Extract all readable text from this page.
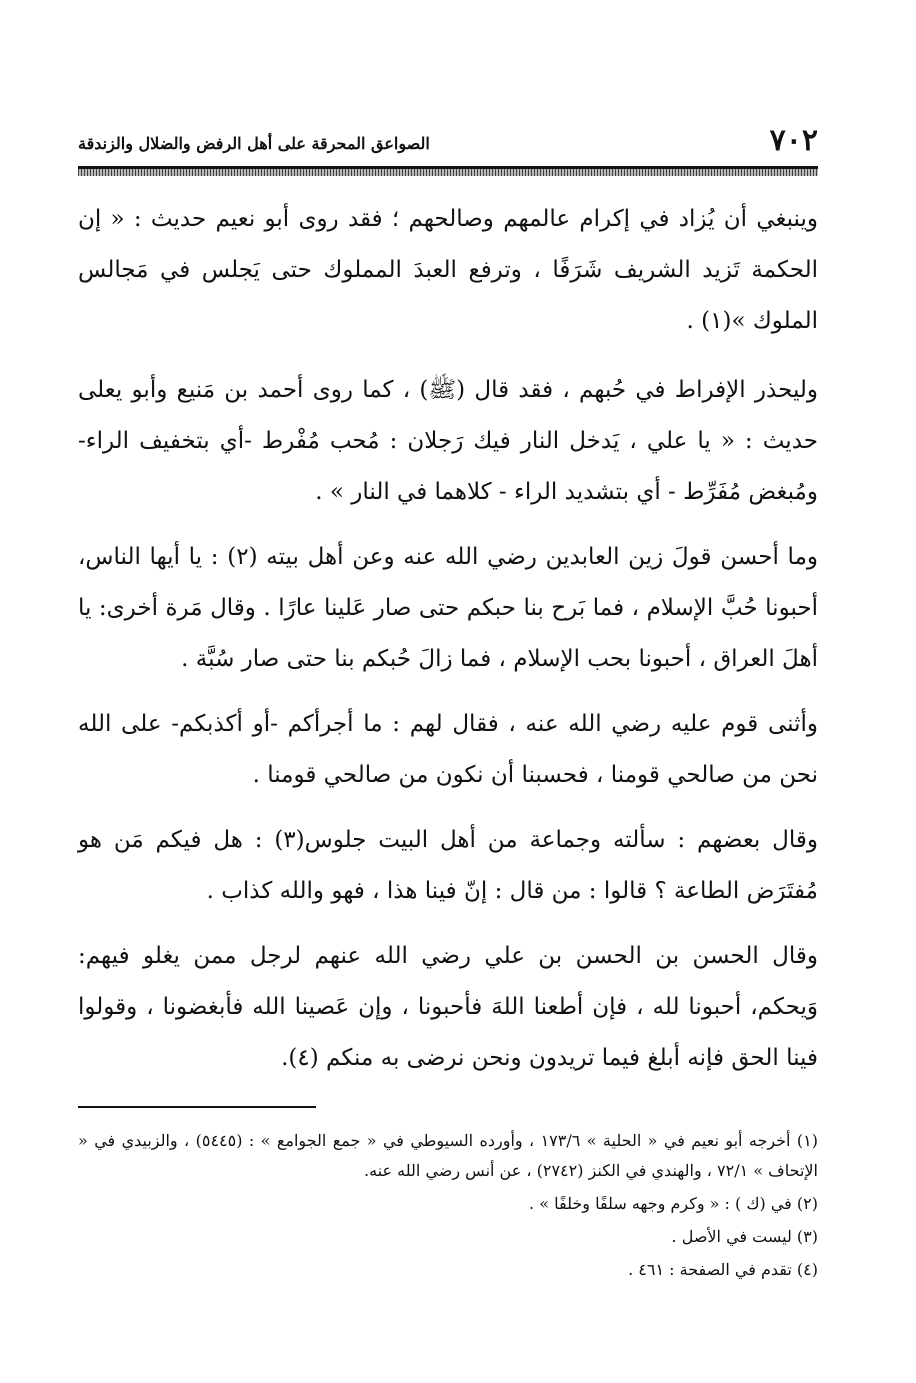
٧٠٢
الصواعق المحرقة على أهل الرفض والضلال والزندقة

وينبغي أن يُزاد في إكرام عالمهم وصالحهم ؛ فقد روى أبو نعيم حديث : « إن الحكمة تَزيد الشريف شَرَفًا ، وترفع العبدَ المملوك حتى يَجلس في مَجالس الملوك »(١) .

وليحذر الإفراط في حُبهم ، فقد قال (ﷺ) ، كما روى أحمد بن مَنيع وأبو يعلى حديث : « يا علي ، يَدخل النار فيك رَجلان : مُحب مُفْرط -أي بتخفيف الراء- ومُبغض مُفَرِّط - أي بتشديد الراء - كلاهما في النار » .

وما أحسن قولَ زين العابدين رضي الله عنه وعن أهل بيته (٢) : يا أيها الناس، أحبونا حُبَّ الإسلام ، فما بَرح بنا حبكم حتى صار عَلينا عارًا . وقال مَرة أخرى: يا أهلَ العراق ، أحبونا بحب الإسلام ، فما زالَ حُبكم بنا حتى صار سُبَّة .

وأثنى قوم عليه رضي الله عنه ، فقال لهم : ما أجرأكم -أو أكذبكم- على الله نحن من صالحي قومنا ، فحسبنا أن نكون من صالحي قومنا .

وقال بعضهم : سألته وجماعة من أهل البيت جلوس(٣) : هل فيكم مَن هو مُفتَرَض الطاعة ؟ قالوا : من قال : إنّ فينا هذا ، فهو والله كذاب .

وقال الحسن بن الحسن بن علي رضي الله عنهم لرجل ممن يغلو فيهم: وَيحكم، أحبونا لله ، فإن أطعنا اللهَ فأحبونا ، وإن عَصينا الله فأبغضونا ، وقولوا فينا الحق فإنه أبلغ فيما تريدون ونحن نرضى به منكم (٤).

(١) أخرجه أبو نعيم في « الحلية » ١٧٣/٦ ، وأورده السيوطي في « جمع الجوامع » : (٥٤٤٥) ، والزبيدي في « الإتحاف » ٧٢/١ ، والهندي في الكنز (٢٧٤٢) ، عن أنس رضي الله عنه.

(٢) في (ك ) : « وكرم وجهه سلفًا وخلفًا » .

(٣) ليست في الأصل .

(٤) تقدم في الصفحة : ٤٦١ .
